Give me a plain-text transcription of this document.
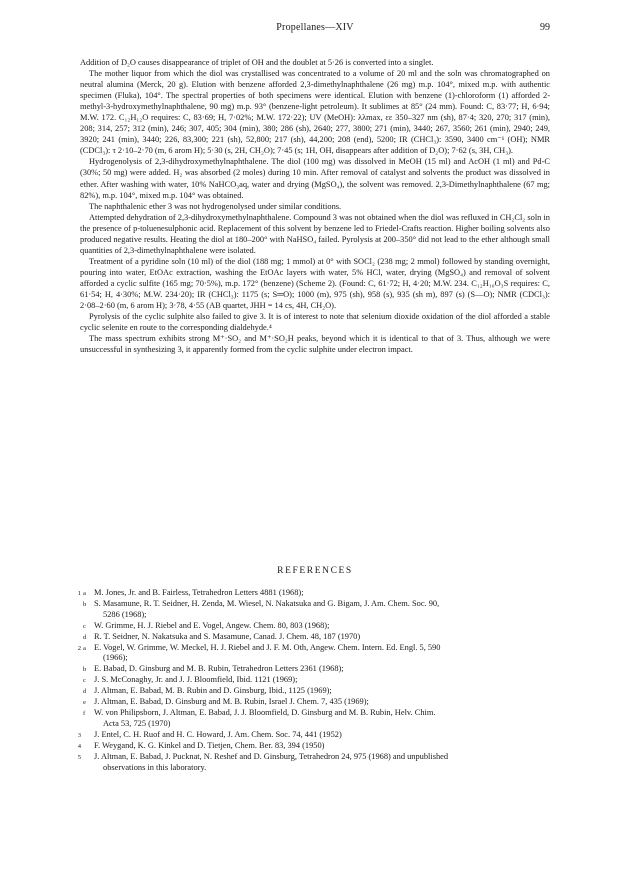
Propellanes—XIV	99

Addition of D₂O causes disappearance of triplet of OH and the doublet at 5·26 is converted into a singlet.

The mother liquor from which the diol was crystallised was concentrated to a volume of 20 ml and the soln was chromatographed on neutral alumina (Merck, 20 g). Elution with benzene afforded 2,3-dimethylnaphthalene (26 mg) m.p. 104°, mixed m.p. with authentic specimen (Fluka), 104°. The spectral properties of both specimens were identical. Elution with benzene (1)-chloroform (1) afforded 2-methyl-3-hydroxymethylnaphthalene, 90 mg) m.p. 93° (benzene-light petroleum). It sublimes at 85° (24 mm). Found: C, 83·77; H, 6·94; M.W. 172. C₁₂H₁₂O requires: C, 83·69; H, 7·02%; M.W. 172·22); UV (MeOH): λλmax, εε 350–327 nm (sh), 87·4; 320, 270; 317 (min), 208; 314, 257; 312 (min), 246; 307, 405; 304 (min), 380; 286 (sh), 2640; 277, 3800; 271 (min), 3440; 267, 3560; 261 (min), 2940; 249, 3920; 241 (min), 3440; 226, 83,300; 221 (sh), 52,800; 217 (sh), 44,200; 208 (end), 5200; IR (CHCl₃): 3590, 3400 cm⁻¹ (OH); NMR (CDCl₃): τ 2·10–2·70 (m, 6 arom H); 5·30 (s, 2H, CH₂O); 7·45 (s; 1H, OH, disappears after addition of D₂O); 7·62 (s, 3H, CH₃).

Hydrogenolysis of 2,3-dihydroxymethylnaphthalene. The diol (100 mg) was dissolved in MeOH (15 ml) and AcOH (1 ml) and Pd-C (30%; 50 mg) were added. H₂ was absorbed (2 moles) during 10 min. After removal of catalyst and solvents the product was dissolved in ether. After washing with water, 10% NaHCO₃aq, water and drying (MgSO₄), the solvent was removed. 2,3-Dimethylnaphthalene (67 mg; 82%), m.p. 104°, mixed m.p. 104° was obtained.

The naphthalenic ether 3 was not hydrogenolysed under similar conditions.

Attempted dehydration of 2,3-dihydroxymethylnaphthalene. Compound 3 was not obtained when the diol was refluxed in CH₂Cl₂ soln in the presence of p-toluenesulphonic acid. Replacement of this solvent by benzene led to Friedel-Crafts reaction. Higher boiling solvents also produced negative results. Heating the diol at 180–200° with NaHSO₄ failed. Pyrolysis at 200–350° did not lead to the ether although small quantities of 2,3-dimethylnaphthalene were isolated.

Treatment of a pyridine soln (10 ml) of the diol (188 mg; 1 mmol) at 0° with SOCl₂ (238 mg; 2 mmol) followed by standing overnight, pouring into water, EtOAc extraction, washing the EtOAc layers with water, 5% HCl, water, drying (MgSO₄) and removal of solvent afforded a cyclic sulfite (165 mg; 70·5%), m.p. 172° (benzene) (Scheme 2). (Found: C, 61·72; H, 4·20; M.W. 234. C₁₂H₁₀O₃S requires: C, 61·54; H, 4·30%; M.W. 234·20); IR (CHCl₃): 1175 (s; S═O); 1000 (m), 975 (sh), 958 (s), 935 (sh m), 897 (s) (S—O); NMR (CDCl₃): 2·08–2·60 (m, 6 arom H); 3·78, 4·55 (AB quartet, JHH = 14 cs, 4H, CH₂O).

Pyrolysis of the cyclic sulphite also failed to give 3. It is of interest to note that selenium dioxide oxidation of the diol afforded a stable cyclic selenite en route to the corresponding dialdehyde.⁴

The mass spectrum exhibits strong M⁺·SO₂ and M⁺·SO₂H peaks, beyond which it is identical to that of 3. Thus, although we were unsuccessful in synthesizing 3, it apparently formed from the cyclic sulphite under electron impact.

REFERENCES
1 a M. Jones, Jr. and B. Fairless, Tetrahedron Letters 4881 (1968);
b S. Masamune, R. T. Seidner, H. Zenda, M. Wiesel, N. Nakatsuka and G. Bigam, J. Am. Chem. Soc. 90,
5286 (1968);
c W. Grimme, H. J. Riebel and E. Vogel, Angew. Chem. 80, 803 (1968);
d R. T. Seidner, N. Nakatsuka and S. Masamune, Canad. J. Chem. 48, 187 (1970)
2 a E. Vogel, W. Grimme, W. Meckel, H. J. Riebel and J. F. M. Oth, Angew. Chem. Intern. Ed. Engl. 5, 590
(1966);
b E. Babad, D. Ginsburg and M. B. Rubin, Tetrahedron Letters 2361 (1968);
c J. S. McConaghy, Jr. and J. J. Bloomfield, Ibid. 1121 (1969);
d J. Altman, E. Babad, M. B. Rubin and D. Ginsburg, Ibid., 1125 (1969);
e J. Altman, E. Babad, D. Ginsburg and M. B. Rubin, Israel J. Chem. 7, 435 (1969);
f W. von Philipsborn, J. Altman, E. Babad, J. J. Bloomfield, D. Ginsburg and M. B. Rubin, Helv. Chim.
Acta 53, 725 (1970)
3 J. Entel, C. H. Ruof and H. C. Howard, J. Am. Chem. Soc. 74, 441 (1952)
4 F. Weygand, K. G. Kinkel and D. Tietjen, Chem. Ber. 83, 394 (1950)
5 J. Altman, E. Babad, J. Pucknat, N. Reshef and D. Ginsburg, Tetrahedron 24, 975 (1968) and unpublished
observations in this laboratory.
